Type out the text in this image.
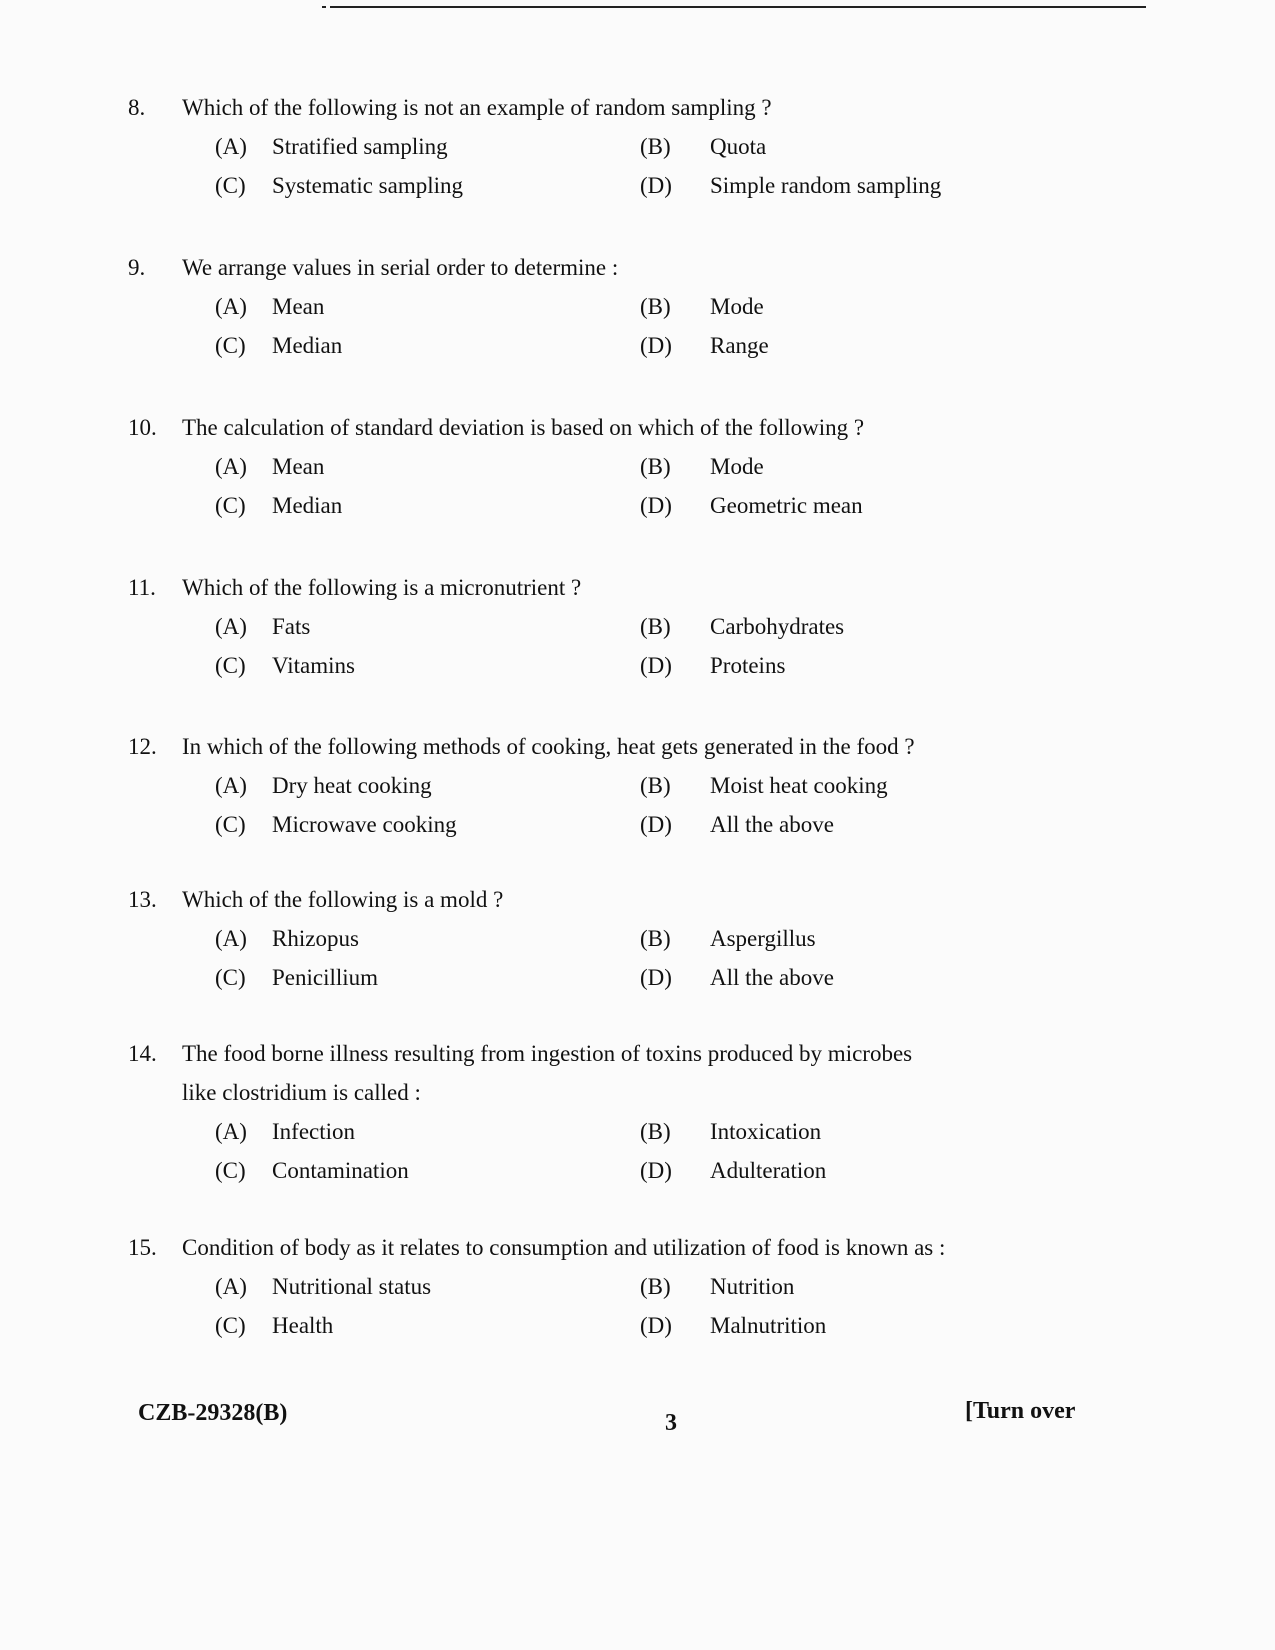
8. Which of the following is not an example of random sampling ?
(A) Stratified sampling	(B) Quota
(C) Systematic sampling	(D) Simple random sampling
9. We arrange values in serial order to determine :
(A) Mean	(B) Mode
(C) Median	(D) Range
10. The calculation of standard deviation is based on which of the following ?
(A) Mean	(B) Mode
(C) Median	(D) Geometric mean
11. Which of the following is a micronutrient ?
(A) Fats	(B) Carbohydrates
(C) Vitamins	(D) Proteins
12. In which of the following methods of cooking, heat gets generated in the food ?
(A) Dry heat cooking	(B) Moist heat cooking
(C) Microwave cooking	(D) All the above
13. Which of the following is a mold ?
(A) Rhizopus	(B) Aspergillus
(C) Penicillium	(D) All the above
14. The food borne illness resulting from ingestion of toxins produced by microbes like clostridium is called :
(A) Infection	(B) Intoxication
(C) Contamination	(D) Adulteration
15. Condition of body as it relates to consumption and utilization of food is known as :
(A) Nutritional status	(B) Nutrition
(C) Health	(D) Malnutrition
CZB-29328(B)	3	[Turn over
